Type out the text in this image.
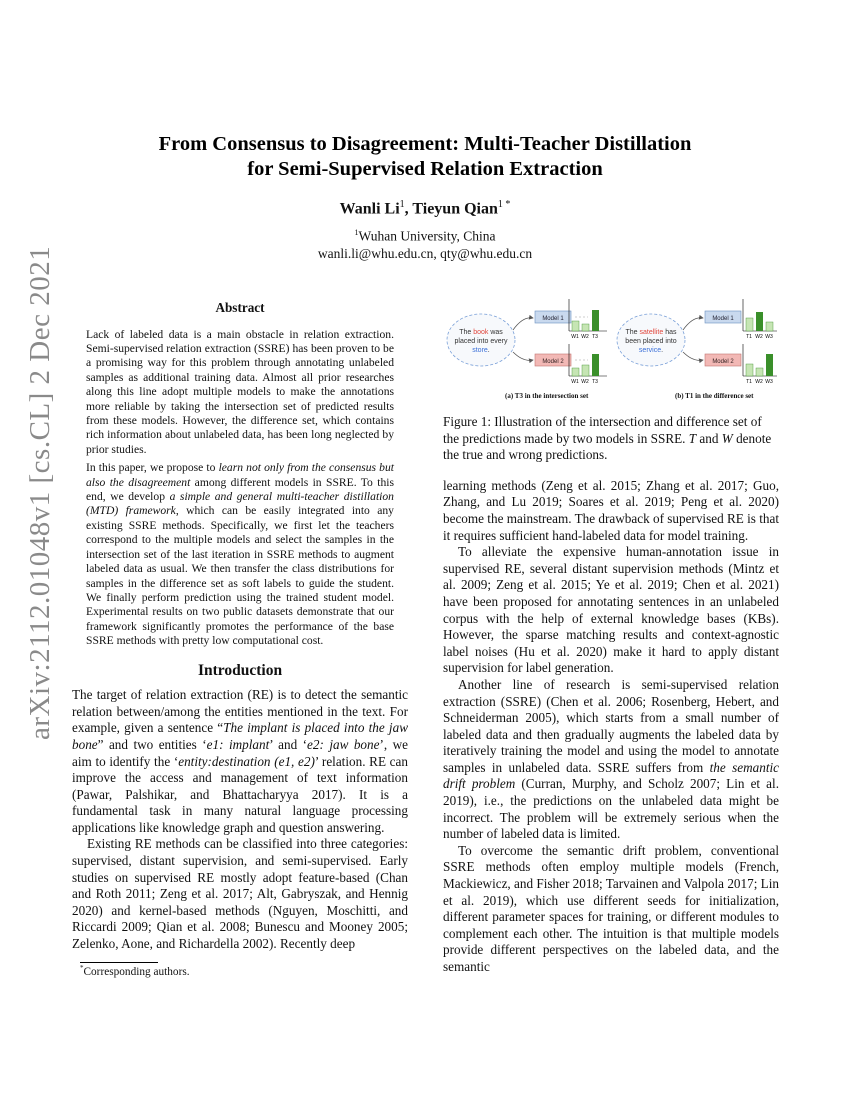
arXiv:2112.01048v1 [cs.CL] 2 Dec 2021
From Consensus to Disagreement: Multi-Teacher Distillation
for Semi-Supervised Relation Extraction
Wanli Li$^1$, Tieyun Qian$^{1 *}$
$^1$Wuhan University, China
wanli.li@whu.edu.cn, qty@whu.edu.cn
Abstract

Lack of labeled data is a main obstacle in relation extraction. Semi-supervised relation extraction (SSRE) has been proven to be a promising way for this problem through annotating unlabeled samples as additional training data. Almost all prior researches along this line adopt multiple models to make the annotations more reliable by taking the intersection set of predicted results from these models. However, the difference set, which contains rich information about unlabeled data, has been long neglected by prior studies.

In this paper, we propose to learn not only from the consensus but also the disagreement among different models in SSRE. To this end, we develop a simple and general multi-teacher distillation (MTD) framework, which can be easily integrated into any existing SSRE methods. Specifically, we first let the teachers correspond to the multiple models and select the samples in the intersection set of the last iteration in SSRE methods to augment labeled data as usual. We then transfer the class distributions for samples in the difference set as soft labels to guide the student. We finally perform prediction using the trained student model. Experimental results on two public datasets demonstrate that our framework significantly promotes the performance of the base SSRE methods with pretty low computational cost.

Introduction

The target of relation extraction (RE) is to detect the semantic relation between/among the entities mentioned in the text. For example, given a sentence “The implant is placed into the jaw bone” and two entities ‘e1: implant’ and ‘e2: jaw bone’, we aim to identify the ‘entity:destination (e1, e2)’ relation. RE can improve the access and management of text information (Pawar, Palshikar, and Bhattacharyya 2017). It is a fundamental task in many natural language processing applications like knowledge graph and question answering.

Existing RE methods can be classified into three categories: supervised, distant supervision, and semi-supervised. Early studies on supervised RE mostly adopt feature-based (Chan and Roth 2011; Zeng et al. 2017; Alt, Gabryszak, and Hennig 2020) and kernel-based methods (Nguyen, Moschitti, and Riccardi 2009; Qian et al. 2008; Bunescu and Mooney 2005; Zelenko, Aone, and Richardella 2002). Recently deep

*Corresponding authors.
The book was
placed into every
store.
Model 1
Model 2
W1 W2 T3
W1 W2 T3
The satellite has
been placed into
service.
Model 1
Model 2
T1 W2 W3
T1 W2 W3
(a) T3 in the intersection set	(b) T1 in the difference set
Figure 1: Illustration of the intersection and difference set of the predictions made by two models in SSRE. T and W denote the true and wrong predictions.

learning methods (Zeng et al. 2015; Zhang et al. 2017; Guo, Zhang, and Lu 2019; Soares et al. 2019; Peng et al. 2020) become the mainstream. The drawback of supervised RE is that it requires sufficient hand-labeled data for model training.

To alleviate the expensive human-annotation issue in supervised RE, several distant supervision methods (Mintz et al. 2009; Zeng et al. 2015; Ye et al. 2019; Chen et al. 2021) have been proposed for annotating sentences in an unlabeled corpus with the help of external knowledge bases (KBs). However, the sparse matching results and context-agnostic label noises (Hu et al. 2020) make it hard to apply distant supervision for label generation.

Another line of research is semi-supervised relation extraction (SSRE) (Chen et al. 2006; Rosenberg, Hebert, and Schneiderman 2005), which starts from a small number of labeled data and then gradually augments the labeled data by iteratively training the model and using the model to annotate samples in unlabeled data. SSRE suffers from the semantic drift problem (Curran, Murphy, and Scholz 2007; Lin et al. 2019), i.e., the predictions on the unlabeled data might be incorrect. The problem will be extremely serious when the number of labeled data is limited.

To overcome the semantic drift problem, conventional SSRE methods often employ multiple models (French, Mackiewicz, and Fisher 2018; Tarvainen and Valpola 2017; Lin et al. 2019), which use different seeds for initialization, different parameter spaces for training, or different modules to complement each other. The intuition is that multiple models provide different perspectives on the labeled data, and the semantic
